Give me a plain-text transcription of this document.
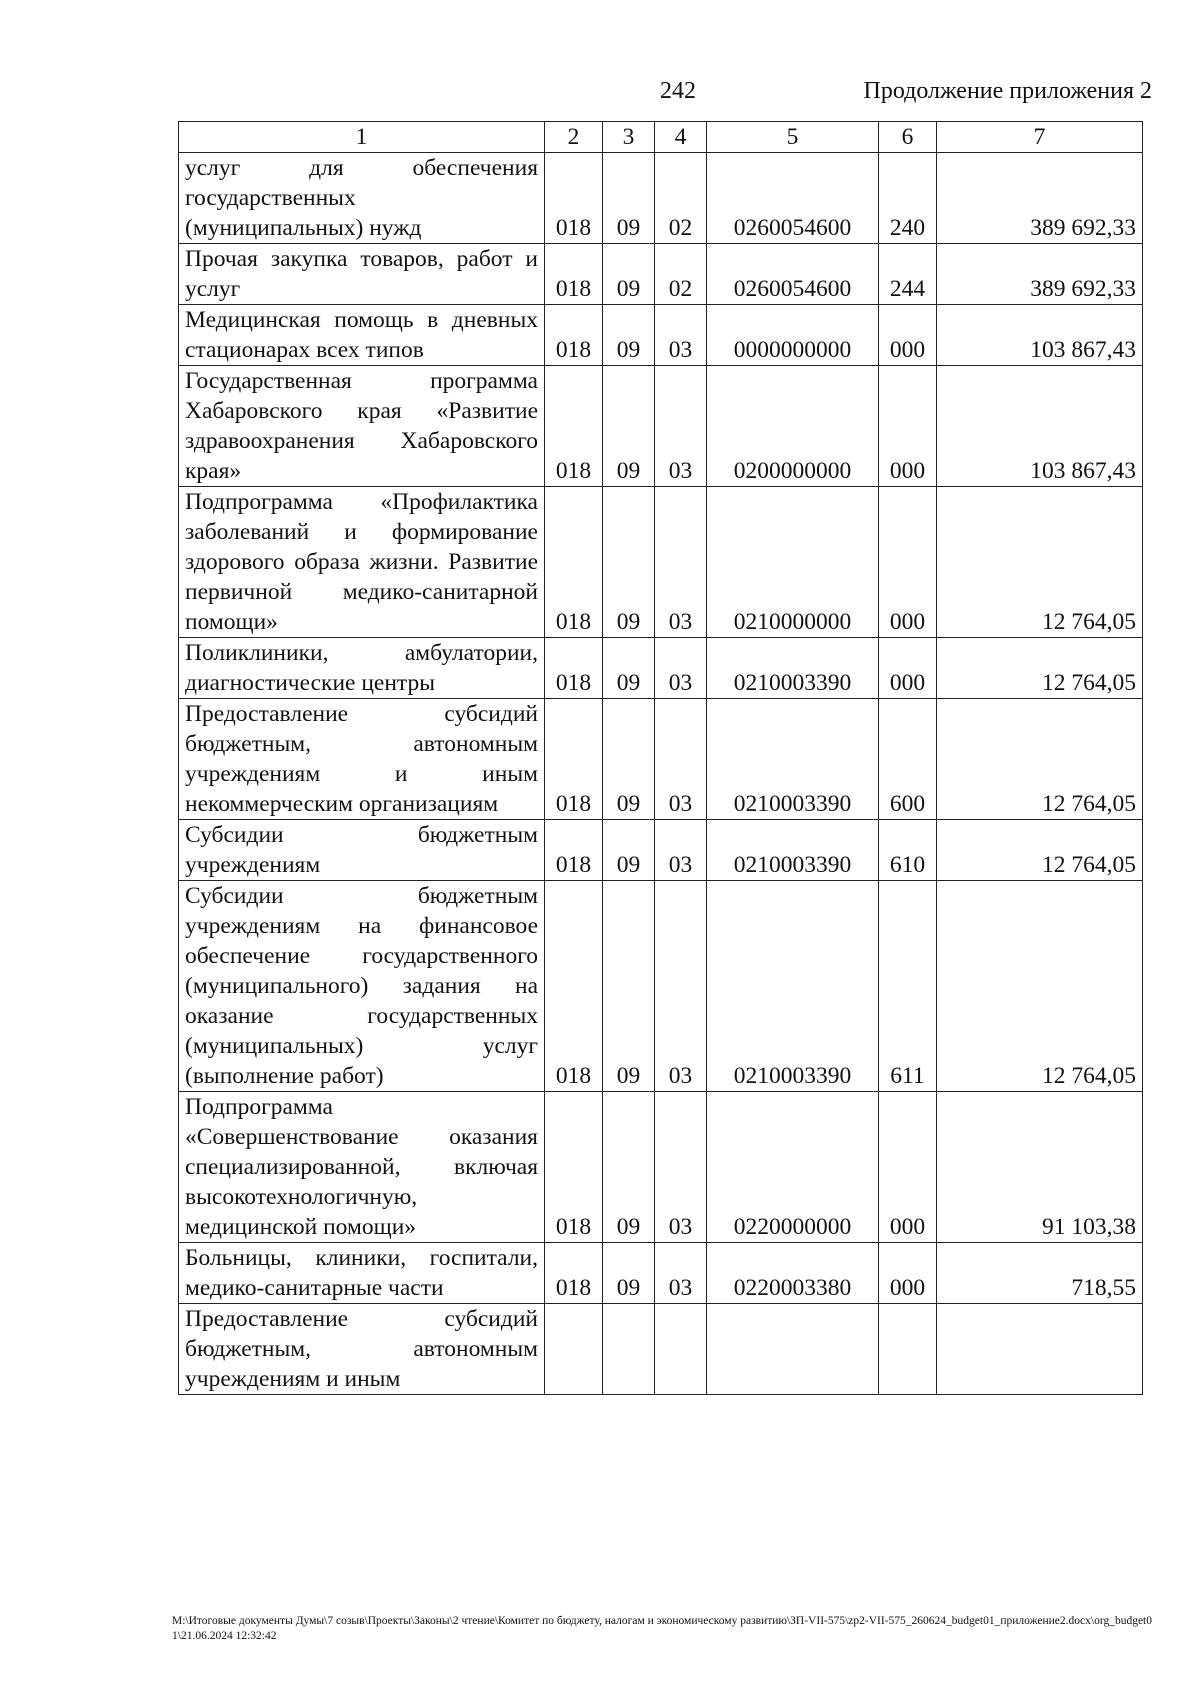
242	Продолжение приложения 2
1	2	3	4	5	6	7
услуг для обеспечения государственных (муниципальных) нужд	018	09	02	0260054600	240	389 692,33
Прочая закупка товаров, работ и услуг	018	09	02	0260054600	244	389 692,33
Медицинская помощь в дневных стационарах всех типов	018	09	03	0000000000	000	103 867,43
Государственная программа Хабаровского края «Развитие здравоохранения Хабаровского края»	018	09	03	0200000000	000	103 867,43
Подпрограмма «Профилактика заболеваний и формирование здорового образа жизни. Развитие первичной медико-санитарной помощи»	018	09	03	0210000000	000	12 764,05
Поликлиники, амбулатории, диагностические центры	018	09	03	0210003390	000	12 764,05
Предоставление субсидий бюджетным, автономным учреждениям и иным некоммерческим организациям	018	09	03	0210003390	600	12 764,05
Субсидии бюджетным учреждениям	018	09	03	0210003390	610	12 764,05
Субсидии бюджетным учреждениям на финансовое обеспечение государственного (муниципального) задания на оказание государственных (муниципальных) услуг (выполнение работ)	018	09	03	0210003390	611	12 764,05
Подпрограмма «Совершенствование оказания специализированной, включая высокотехнологичную, медицинской помощи»	018	09	03	0220000000	000	91 103,38
Больницы, клиники, госпитали, медико-санитарные части	018	09	03	0220003380	000	718,55
Предоставление субсидий бюджетным, автономным учреждениям и иным						
M:\Итоговые документы Думы\7 созыв\Проекты\Законы\2 чтение\Комитет по бюджету, налогам и экономическому развитию\ЗП-VII-575\zp2-VII-575_260624_budget01_приложение2.docx\org_budget01\21.06.2024 12:32:42
